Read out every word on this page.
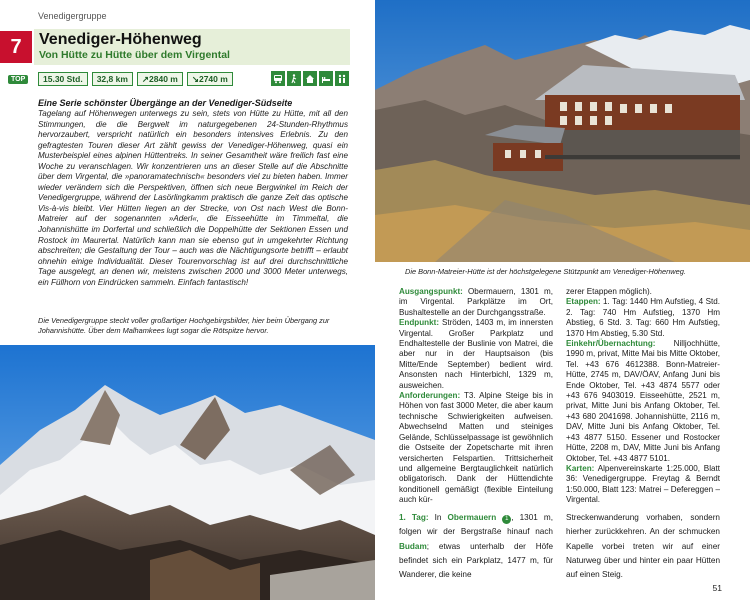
Venedigergruppe
7	Venediger-Höhenweg
Von Hütte zu Hütte über dem Virgental
TOP	15.30 Std.	32,8 km	↗2840 m	↘2740 m
Eine Serie schönster Übergänge an der Venediger-Südseite
Tagelang auf Höhenwegen unterwegs zu sein, stets von Hütte zu Hütte, mit all den Stimmungen, die die Bergwelt im naturgegebenen 24-Stunden-Rhythmus hervorzaubert, verspricht natürlich ein besonders intensives Erlebnis. Zu den gefragtesten Touren dieser Art zählt gewiss der Venediger-Höhenweg, quasi ein Musterbeispiel eines alpinen Hüttentreks. In seiner Gesamtheit wäre freilich fast eine Woche zu veranschlagen. Wir konzentrieren uns an dieser Stelle auf die Abschnitte über dem Virgental, die »panoramatechnisch« besonders viel zu bieten haben. Immer wieder verändern sich die Perspektiven, öffnen sich neue Bergwinkel im Reich der Venedigergruppe, während der Lasörlingkamm praktisch die ganze Zeit das optische Vis-à-vis bleibt. Vier Hütten liegen an der Strecke, von Ost nach West die Bonn-Matreier auf der sogenannten »Aderl«, die Eisseehütte im Timmeltal, die Johannishütte im Dorfertal und schließlich die Doppelhütte der Sektionen Essen und Rostock im Maurertal. Natürlich kann man sie ebenso gut in umgekehrter Richtung abschreiten; die Gestaltung der Tour – auch was die Nächtigungsorte betrifft – erlaubt ohnehin einige Individualität. Dieser Tourenvorschlag ist auf drei durchschnittliche Tage ausgelegt, an denen wir, meistens zwischen 2000 und 3000 Meter unterwegs, ein Füllhorn von Eindrücken sammeln. Einfach fantastisch!
Die Venedigergruppe steckt voller großartiger Hochgebirgsbilder, hier beim Übergang zur Johannishütte. Über dem Malhamkees lugt sogar die Rötspitze hervor.
Die Bonn-Matreier-Hütte ist der höchstgelegene Stützpunkt am Venediger-Höhenweg.

Ausgangspunkt: Obermauern, 1301 m, im Virgental. Parkplätze im Ort, Bushaltestelle an der Durchgangsstraße.

Endpunkt: Ströden, 1403 m, im innersten Virgental. Großer Parkplatz und Endhaltestelle der Buslinie von Matrei, die aber nur in der Hauptsaison (bis Mitte/Ende September) bedient wird. Ansonsten nach Hinterbichl, 1329 m, ausweichen.

Anforderungen: T3. Alpine Steige bis in Höhen von fast 3000 Meter, die aber kaum technische Schwierigkeiten aufweisen. Abwechselnd Matten und steiniges Gelände, Schlüsselpassage ist gewöhnlich die Ostseite der Zopetscharte mit ihren versicherten Felspartien. Trittsicherheit und allgemeine Bergtauglichkeit natürlich obligatorisch. Dank der Hüttendichte konditionell gemäßigt (flexible Einteilung auch kür-

zerer Etappen möglich).

Etappen: 1. Tag: 1440 Hm Aufstieg, 4 Std. 2. Tag: 740 Hm Aufstieg, 1370 Hm Abstieg, 6 Std. 3. Tag: 660 Hm Aufstieg, 1370 Hm Abstieg, 5.30 Std.

Einkehr/Übernachtung: Nilljochhütte, 1990 m, privat, Mitte Mai bis Mitte Oktober, Tel. +43 676 4612388. Bonn-Matreier-Hütte, 2745 m, DAV/ÖAV, Anfang Juni bis Ende Oktober, Tel. +43 4874 5577 oder +43 676 9403019. Eisseehütte, 2521 m, privat, Mitte Juni bis Anfang Oktober, Tel. +43 680 2041698. Johannishütte, 2116 m, DAV, Mitte Juni bis Anfang Oktober, Tel. +43 4877 5150. Essener und Rostocker Hütte, 2208 m, DAV, Mitte Juni bis Anfang Oktober, Tel. +43 4877 5101.

Karten: Alpenvereinskarte 1:25.000, Blatt 36: Venedigergruppe. Freytag & Berndt 1:50.000, Blatt 123: Matrei – Defereggen – Virgental.

1. Tag: In Obermauern 1 , 1301 m, folgen wir der Bergstraße hinauf nach Budam; etwas unterhalb der Höfe befindet sich ein Parkplatz, 1477 m, für Wanderer, die keine
Streckenwanderung vorhaben, sondern hierher zurückkehren. An der schmucken Kapelle vorbei treten wir auf einer Naturweg über und hinter ein paar Hütten auf einen Steig.
51
